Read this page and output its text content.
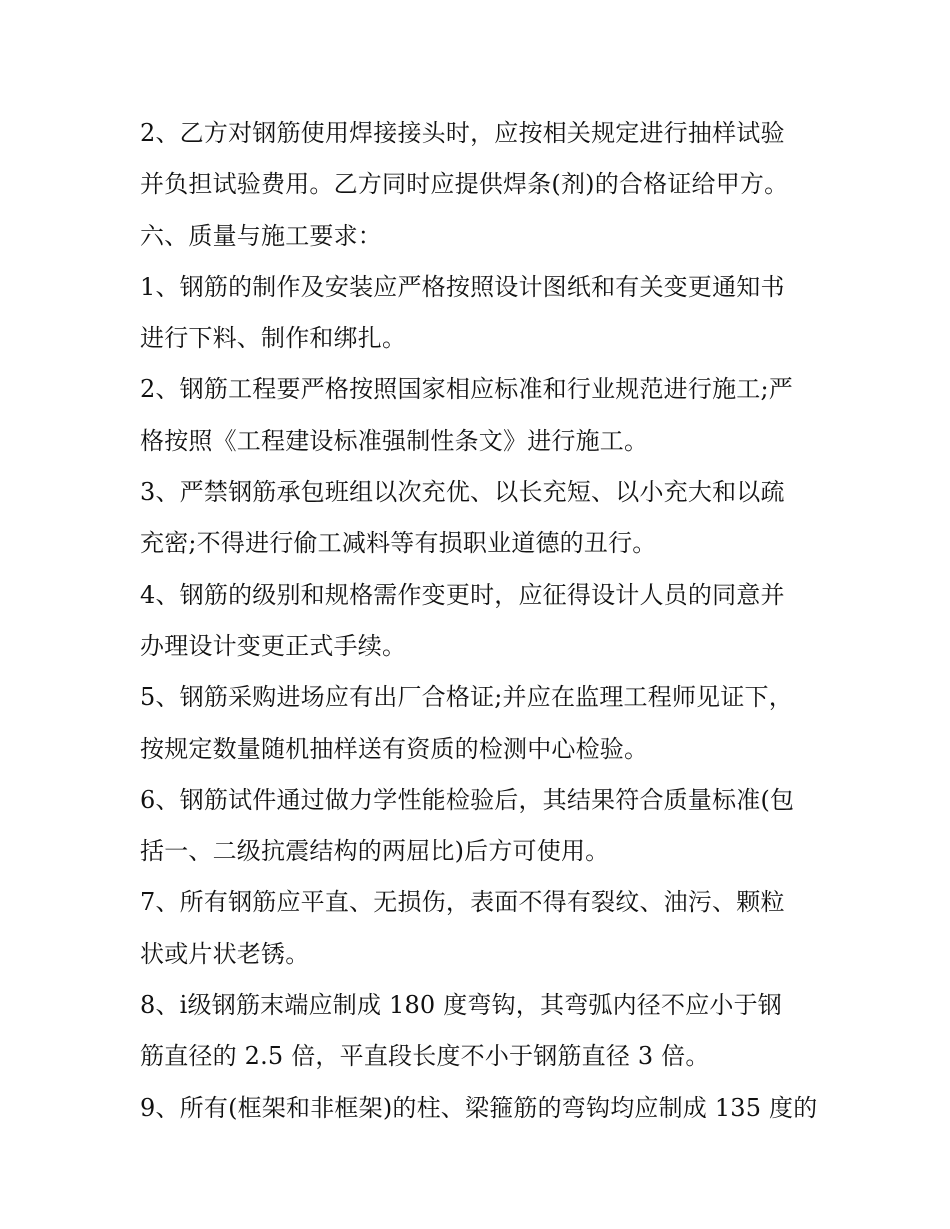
2、乙方对钢筋使用焊接接头时，应按相关规定进行抽样试验
并负担试验费用。乙方同时应提供焊条(剂)的合格证给甲方。
六、质量与施工要求：
1、钢筋的制作及安装应严格按照设计图纸和有关变更通知书
进行下料、制作和绑扎。
2、钢筋工程要严格按照国家相应标准和行业规范进行施工;严
格按照《工程建设标准强制性条文》进行施工。
3、严禁钢筋承包班组以次充优、以长充短、以小充大和以疏
充密;不得进行偷工减料等有损职业道德的丑行。
4、钢筋的级别和规格需作变更时，应征得设计人员的同意并
办理设计变更正式手续。
5、钢筋采购进场应有出厂合格证;并应在监理工程师见证下，
按规定数量随机抽样送有资质的检测中心检验。
6、钢筋试件通过做力学性能检验后，其结果符合质量标准(包
括一、二级抗震结构的两屈比)后方可使用。
7、所有钢筋应平直、无损伤，表面不得有裂纹、油污、颗粒
状或片状老锈。
8、ⅰ级钢筋末端应制成 180 度弯钩，其弯弧内径不应小于钢
筋直径的 2.5 倍，平直段长度不小于钢筋直径 3 倍。
9、所有(框架和非框架)的柱、梁箍筋的弯钩均应制成 135 度的
